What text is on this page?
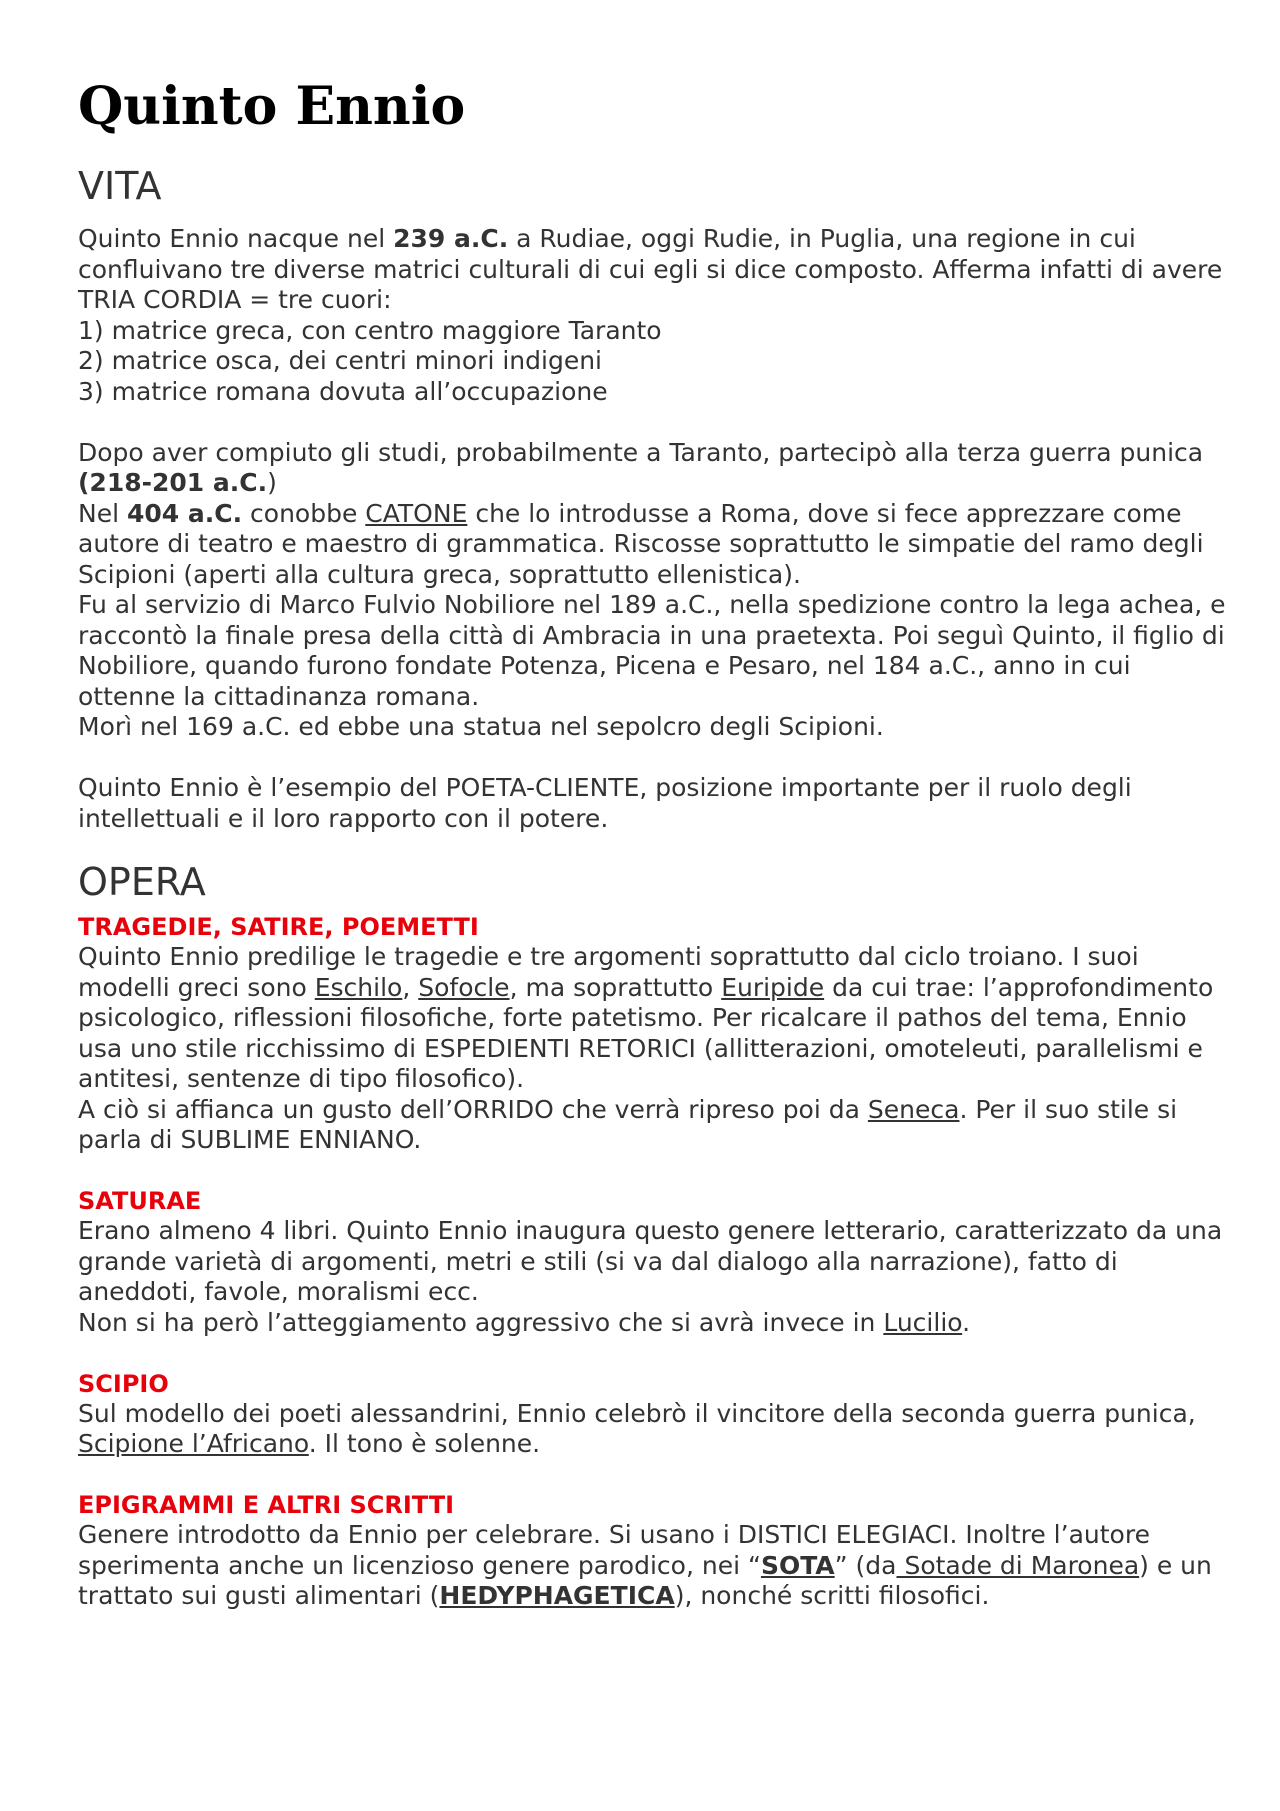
Quinto Ennio
VITA

Quinto Ennio nacque nel 239 a.C. a Rudiae, oggi Rudie, in Puglia, una regione in cui confluivano tre diverse matrici culturali di cui egli si dice composto. Afferma infatti di avere TRIA CORDIA = tre cuori:

1) matrice greca, con centro maggiore Taranto

2) matrice osca, dei centri minori indigeni

3) matrice romana dovuta all’occupazione

Dopo aver compiuto gli studi, probabilmente a Taranto, partecipò alla terza guerra punica (218-201 a.C.)

Nel 404 a.C. conobbe CATONE che lo introdusse a Roma, dove si fece apprezzare come autore di teatro e maestro di grammatica. Riscosse soprattutto le simpatie del ramo degli Scipioni (aperti alla cultura greca, soprattutto ellenistica).

Fu al servizio di Marco Fulvio Nobiliore nel 189 a.C., nella spedizione contro la lega achea, e raccontò la finale presa della città di Ambracia in una praetexta. Poi seguì Quinto, il figlio di Nobiliore, quando furono fondate Potenza, Picena e Pesaro, nel 184 a.C., anno in cui ottenne la cittadinanza romana.

Morì nel 169 a.C. ed ebbe una statua nel sepolcro degli Scipioni.

Quinto Ennio è l’esempio del POETA-CLIENTE, posizione importante per il ruolo degli intellettuali e il loro rapporto con il potere.

OPERA
TRAGEDIE, SATIRE, POEMETTI

Quinto Ennio predilige le tragedie e tre argomenti soprattutto dal ciclo troiano. I suoi modelli greci sono Eschilo, Sofocle, ma soprattutto Euripide da cui trae: l’approfondimento psicologico, riflessioni filosofiche, forte patetismo. Per ricalcare il pathos del tema, Ennio usa uno stile ricchissimo di ESPEDIENTI RETORICI (allitterazioni, omoteleuti, parallelismi e antitesi, sentenze di tipo filosofico).

A ciò si affianca un gusto dell’ORRIDO che verrà ripreso poi da Seneca. Per il suo stile si parla di SUBLIME ENNIANO.

SATURAE

Erano almeno 4 libri. Quinto Ennio inaugura questo genere letterario, caratterizzato da una grande varietà di argomenti, metri e stili (si va dal dialogo alla narrazione), fatto di aneddoti, favole, moralismi ecc.

Non si ha però l’atteggiamento aggressivo che si avrà invece in Lucilio.

SCIPIO

Sul modello dei poeti alessandrini, Ennio celebrò il vincitore della seconda guerra punica, Scipione l’Africano. Il tono è solenne.

EPIGRAMMI E ALTRI SCRITTI

Genere introdotto da Ennio per celebrare. Si usano i DISTICI ELEGIACI. Inoltre l’autore sperimenta anche un licenzioso genere parodico, nei “SOTA” (da Sotade di Maronea) e un trattato sui gusti alimentari (HEDYPHAGETICA), nonché scritti filosofici.
